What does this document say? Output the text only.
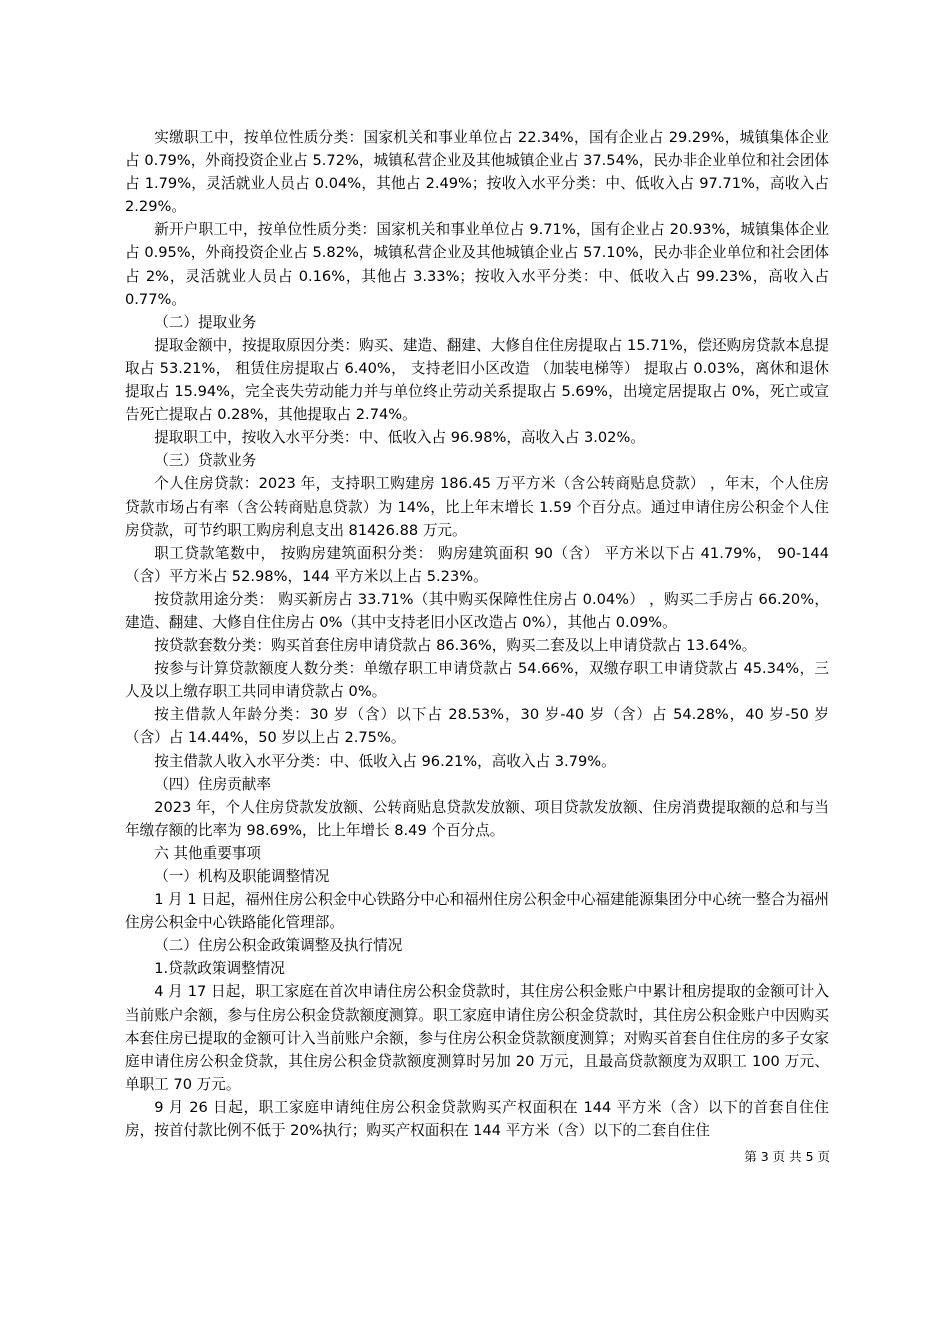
实缴职工中，按单位性质分类：国家机关和事业单位占 22.34%，国有企业占 29.29%，城镇集体企业占 0.79%，外商投资企业占 5.72%，城镇私营企业及其他城镇企业占 37.54%，民办非企业单位和社会团体占 1.79%，灵活就业人员占 0.04%，其他占 2.49%；按收入水平分类：中、低收入占 97.71%，高收入占 2.29%。

新开户职工中，按单位性质分类：国家机关和事业单位占 9.71%，国有企业占 20.93%，城镇集体企业占 0.95%，外商投资企业占 5.82%，城镇私营企业及其他城镇企业占 57.10%，民办非企业单位和社会团体占 2%，灵活就业人员占 0.16%，其他占 3.33%；按收入水平分类：中、低收入占 99.23%，高收入占 0.77%。

（二）提取业务

提取金额中，按提取原因分类：购买、建造、翻建、大修自住住房提取占 15.71%，偿还购房贷款本息提取占 53.21%， 租赁住房提取占 6.40%， 支持老旧小区改造 （加装电梯等） 提取占 0.03%，离休和退休提取占 15.94%，完全丧失劳动能力并与单位终止劳动关系提取占 5.69%，出境定居提取占 0%，死亡或宣告死亡提取占 0.28%，其他提取占 2.74%。

提取职工中，按收入水平分类：中、低收入占 96.98%，高收入占 3.02%。

（三）贷款业务

个人住房贷款：2023 年，支持职工购建房 186.45 万平方米（含公转商贴息贷款） ，年末，个人住房贷款市场占有率（含公转商贴息贷款）为 14%，比上年末增长 1.59 个百分点。通过申请住房公积金个人住房贷款，可节约职工购房利息支出 81426.88 万元。

职工贷款笔数中， 按购房建筑面积分类： 购房建筑面积 90（含） 平方米以下占 41.79%， 90-144（含）平方米占 52.98%，144 平方米以上占 5.23%。

按贷款用途分类： 购买新房占 33.71%（其中购买保障性住房占 0.04%） ，购买二手房占 66.20%，建造、翻建、大修自住住房占 0%（其中支持老旧小区改造占 0%），其他占 0.09%。

按贷款套数分类：购买首套住房申请贷款占 86.36%，购买二套及以上申请贷款占 13.64%。

按参与计算贷款额度人数分类：单缴存职工申请贷款占 54.66%，双缴存职工申请贷款占 45.34%，三人及以上缴存职工共同申请贷款占 0%。

按主借款人年龄分类：30 岁（含）以下占 28.53%，30 岁-40 岁（含）占 54.28%，40 岁-50 岁（含）占 14.44%，50 岁以上占 2.75%。

按主借款人收入水平分类：中、低收入占 96.21%，高收入占 3.79%。

（四）住房贡献率

2023 年，个人住房贷款发放额、公转商贴息贷款发放额、项目贷款发放额、住房消费提取额的总和与当年缴存额的比率为 98.69%，比上年增长 8.49 个百分点。

六 其他重要事项

（一）机构及职能调整情况

1 月 1 日起，福州住房公积金中心铁路分中心和福州住房公积金中心福建能源集团分中心统一整合为福州住房公积金中心铁路能化管理部。

（二）住房公积金政策调整及执行情况

1.贷款政策调整情况

4 月 17 日起，职工家庭在首次申请住房公积金贷款时，其住房公积金账户中累计租房提取的金额可计入当前账户余额，参与住房公积金贷款额度测算。职工家庭申请住房公积金贷款时，其住房公积金账户中因购买本套住房已提取的金额可计入当前账户余额，参与住房公积金贷款额度测算；对购买首套自住住房的多子女家庭申请住房公积金贷款，其住房公积金贷款额度测算时另加 20 万元，且最高贷款额度为双职工 100 万元、单职工 70 万元。

9 月 26 日起，职工家庭申请纯住房公积金贷款购买产权面积在 144 平方米（含）以下的首套自住住房，按首付款比例不低于 20%执行；购买产权面积在 144 平方米（含）以下的二套自住住

第 3 页 共 5 页
